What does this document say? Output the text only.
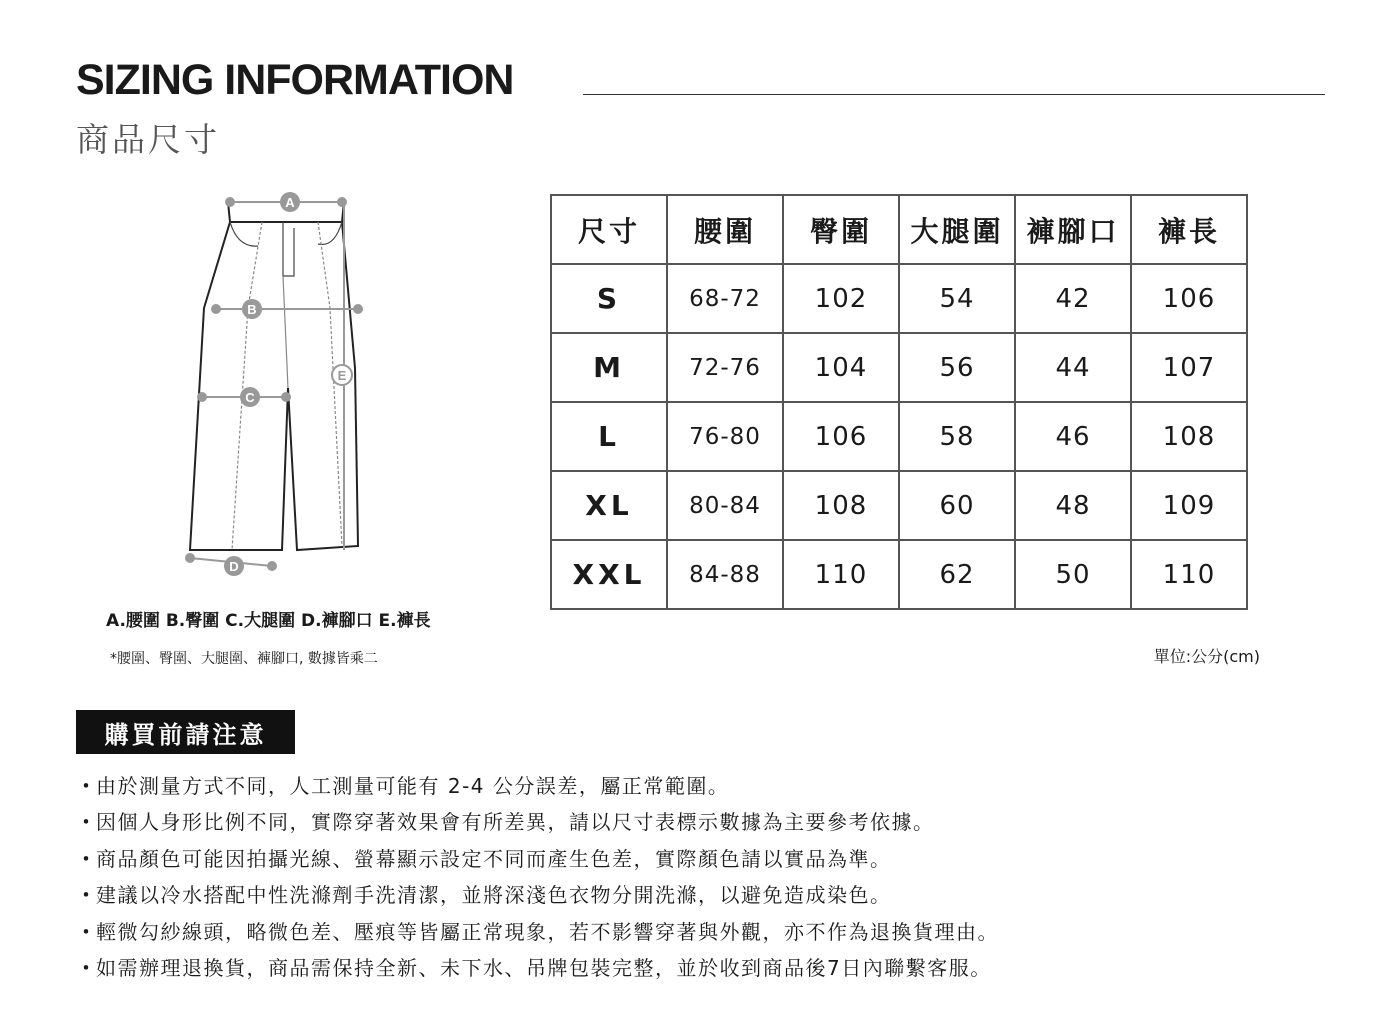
SIZING INFORMATION
商品尺寸
A
B
C
D
E
A.腰圍 B.臀圍 C.大腿圍 D.褲腳口 E.褲長
*腰圍、臀圍、大腿圍、褲腳口, 數據皆乘二
尺寸	腰圍	臀圍	大腿圍	褲腳口	褲長
S	68-72	102	54	42	106
M	72-76	104	56	44	107
L	76-80	106	58	46	108
XL	80-84	108	60	48	109
XXL	84-88	110	62	50	110
單位:公分(cm)
購買前請注意
・
由於測量方式不同，人工測量可能有 2-4 公分誤差，屬正常範圍。
・
因個人身形比例不同，實際穿著效果會有所差異，請以尺寸表標示數據為主要參考依據。
・
商品顏色可能因拍攝光線、螢幕顯示設定不同而產生色差，實際顏色請以實品為準。
・
建議以冷水搭配中性洗滌劑手洗清潔，並將深淺色衣物分開洗滌，以避免造成染色。
・
輕微勾紗線頭，略微色差、壓痕等皆屬正常現象，若不影響穿著與外觀，亦不作為退換貨理由。
・
如需辦理退換貨，商品需保持全新、未下水、吊牌包裝完整，並於收到商品後7日內聯繫客服。
